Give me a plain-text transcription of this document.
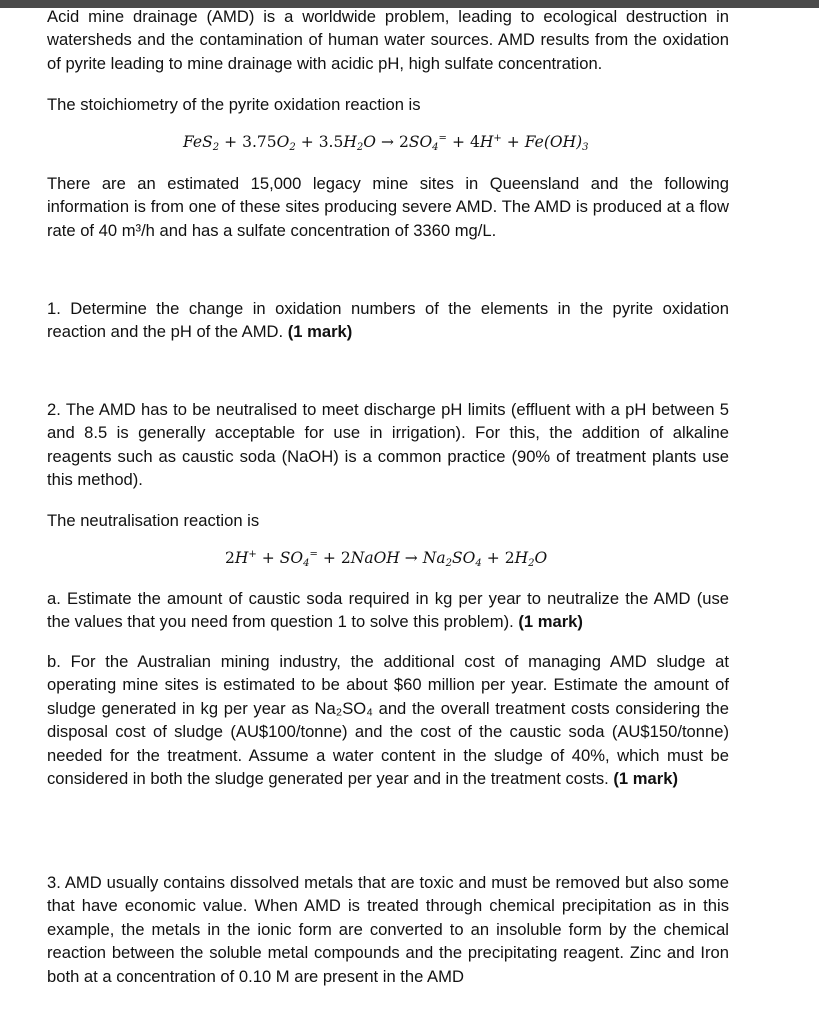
Acid mine drainage (AMD) is a worldwide problem, leading to ecological destruction in watersheds and the contamination of human water sources. AMD results from the oxidation of pyrite leading to mine drainage with acidic pH, high sulfate concentration.

The stoichiometry of the pyrite oxidation reaction is

$FeS_2 + 3.75O_2 + 3.5H_2O \to 2SO_4^= + 4H^+ + Fe(OH)_3$

There are an estimated 15,000 legacy mine sites in Queensland and the following information is from one of these sites producing severe AMD. The AMD is produced at a flow rate of 40 m³/h and has a sulfate concentration of 3360 mg/L.

1. Determine the change in oxidation numbers of the elements in the pyrite oxidation reaction and the pH of the AMD. (1 mark)

2. The AMD has to be neutralised to meet discharge pH limits (effluent with a pH between 5 and 8.5 is generally acceptable for use in irrigation). For this, the addition of alkaline reagents such as caustic soda (NaOH) is a common practice (90% of treatment plants use this method).

The neutralisation reaction is

$2H^+ + SO_4^=$ + 2NaOH → $Na_2SO_4 + 2H_2O$

a. Estimate the amount of caustic soda required in kg per year to neutralize the AMD (use the values that you need from question 1 to solve this problem). (1 mark)

b. For the Australian mining industry, the additional cost of managing AMD sludge at operating mine sites is estimated to be about $60 million per year. Estimate the amount of sludge generated in kg per year as Na₂SO₄ and the overall treatment costs considering the disposal cost of sludge (AU$100/tonne) and the cost of the caustic soda (AU$150/tonne) needed for the treatment. Assume a water content in the sludge of 40%, which must be considered in both the sludge generated per year and in the treatment costs. (1 mark)

3. AMD usually contains dissolved metals that are toxic and must be removed but also some that have economic value. When AMD is treated through chemical precipitation as in this example, the metals in the ionic form are converted to an insoluble form by the chemical reaction between the soluble metal compounds and the precipitating reagent. Zinc and Iron both at a concentration of 0.10 M are present in the AMD
